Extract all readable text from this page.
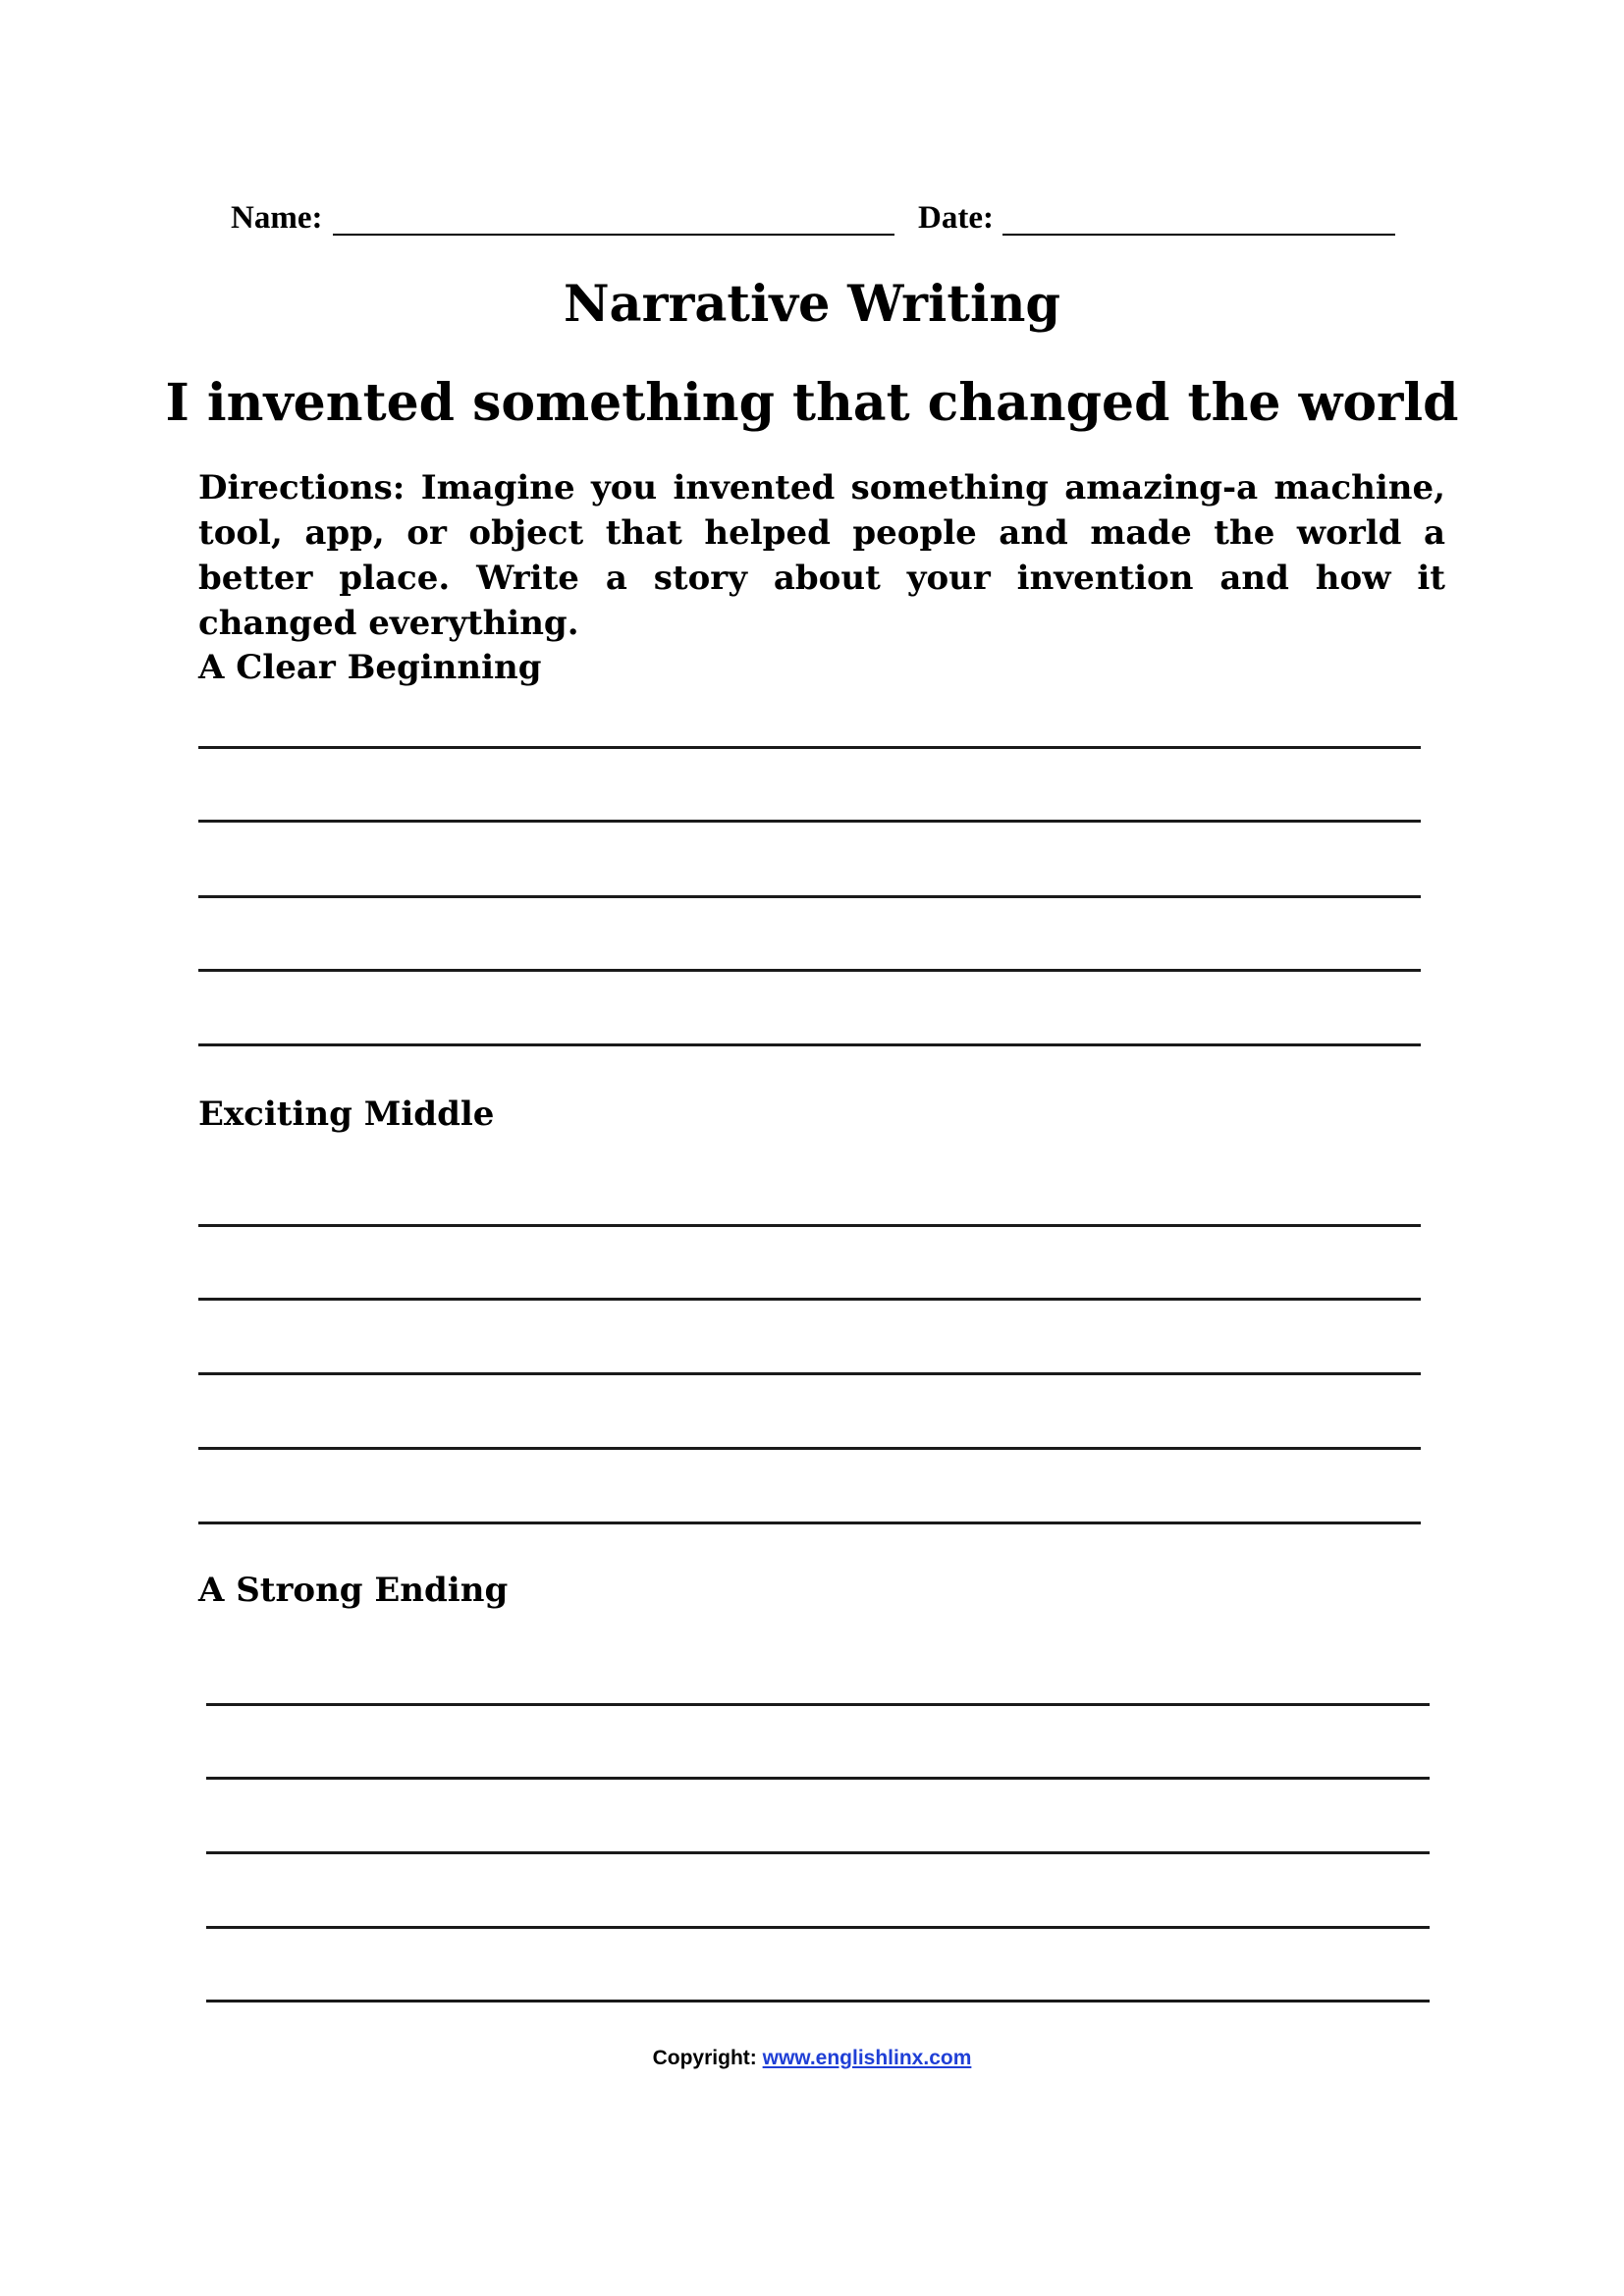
Name:	Date:
Narrative Writing
I invented something that changed the world
Directions: Imagine you invented something amazing-a machine, tool, app, or object that helped people and made the world a better place. Write a story about your invention and how it changed everything.
A Clear Beginning
Exciting Middle
A Strong Ending
Copyright: www.englishlinx.com
